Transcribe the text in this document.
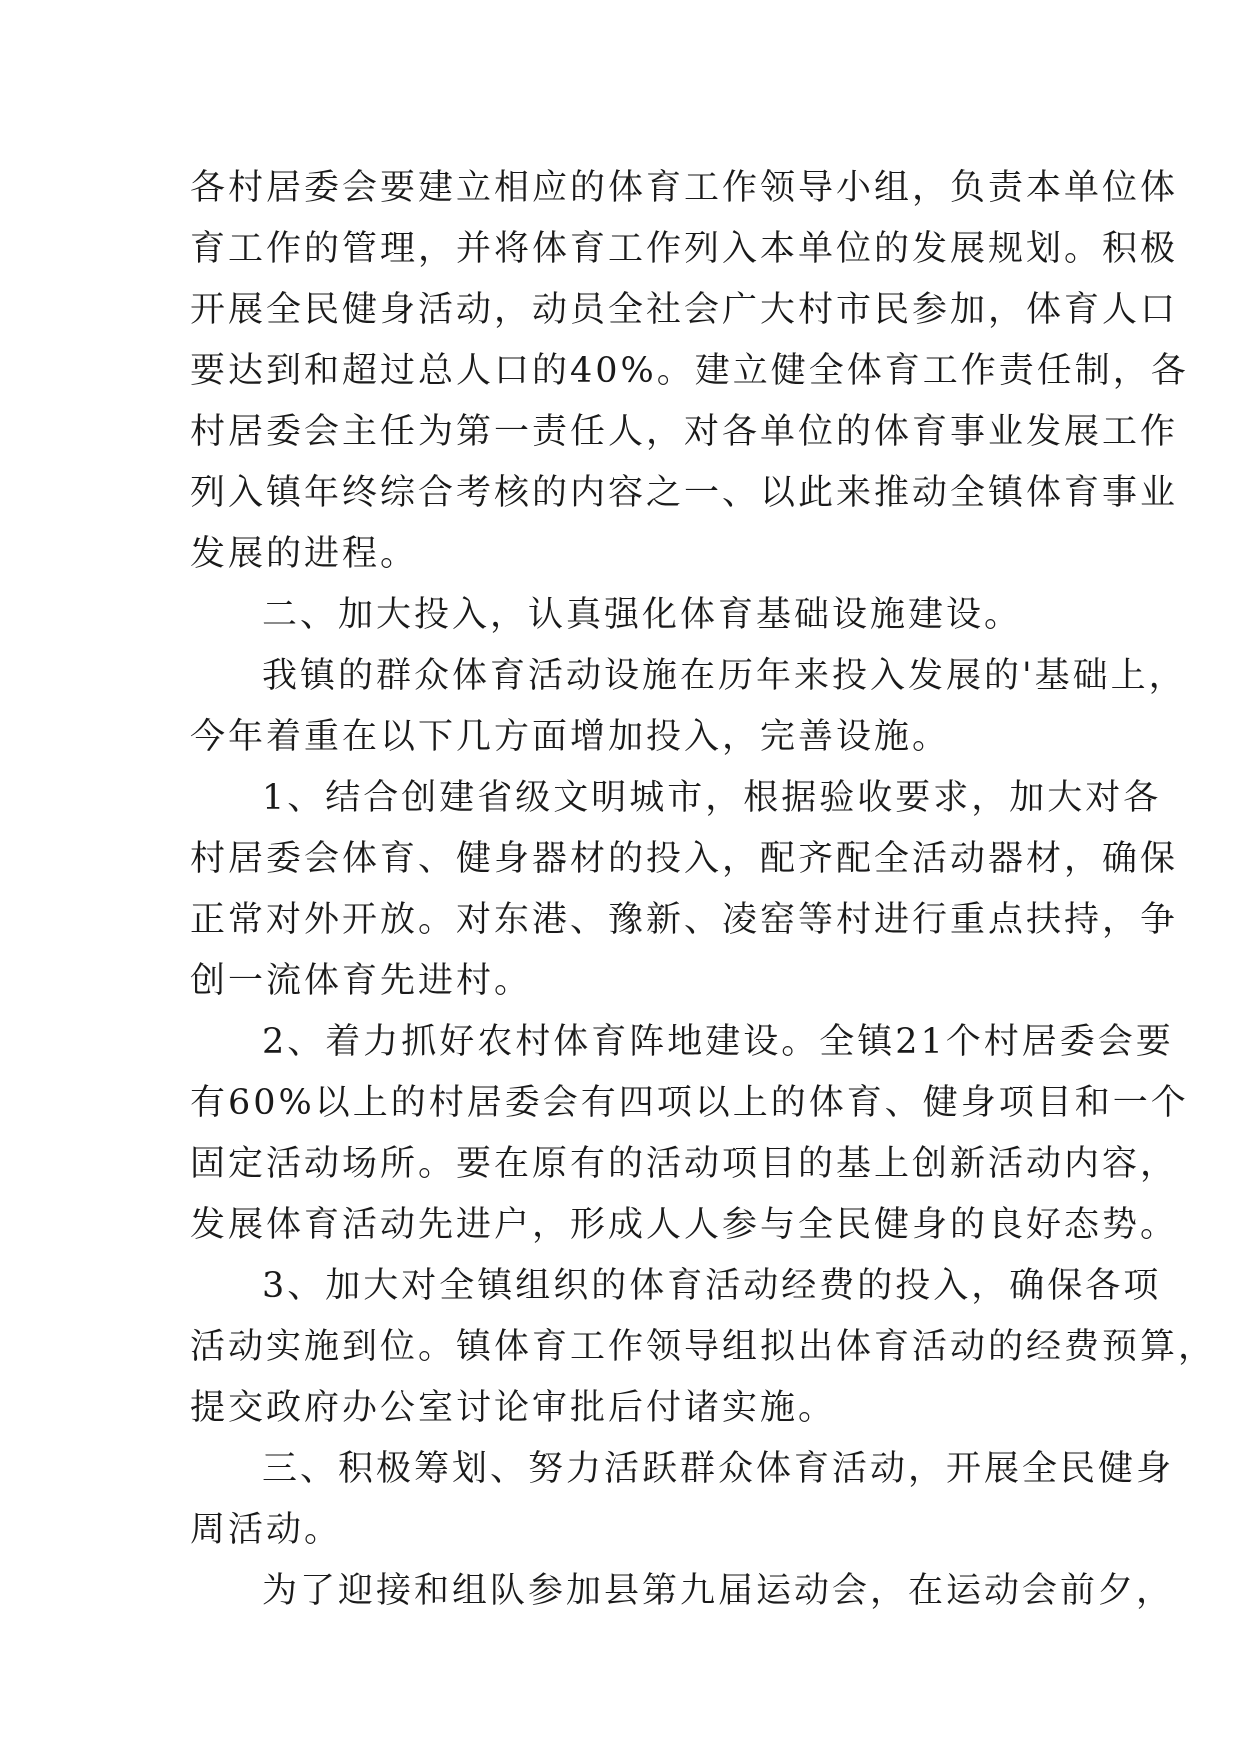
各村居委会要建立相应的体育工作领导小组，负责本单位体
育工作的管理，并将体育工作列入本单位的发展规划。积极
开展全民健身活动，动员全社会广大村市民参加，体育人口
要达到和超过总人口的40%。建立健全体育工作责任制，各
村居委会主任为第一责任人，对各单位的体育事业发展工作
列入镇年终综合考核的内容之一、以此来推动全镇体育事业
发展的进程。
二、加大投入，认真强化体育基础设施建设。
我镇的群众体育活动设施在历年来投入发展的'基础上，
今年着重在以下几方面增加投入，完善设施。
1、结合创建省级文明城市，根据验收要求，加大对各
村居委会体育、健身器材的投入，配齐配全活动器材，确保
正常对外开放。对东港、豫新、凌窑等村进行重点扶持，争
创一流体育先进村。
2、着力抓好农村体育阵地建设。全镇21个村居委会要
有60%以上的村居委会有四项以上的体育、健身项目和一个
固定活动场所。要在原有的活动项目的基上创新活动内容，
发展体育活动先进户，形成人人参与全民健身的良好态势。
3、加大对全镇组织的体育活动经费的投入，确保各项
活动实施到位。镇体育工作领导组拟出体育活动的经费预算，
提交政府办公室讨论审批后付诸实施。
三、积极筹划、努力活跃群众体育活动，开展全民健身
周活动。
为了迎接和组队参加县第九届运动会，在运动会前夕，
